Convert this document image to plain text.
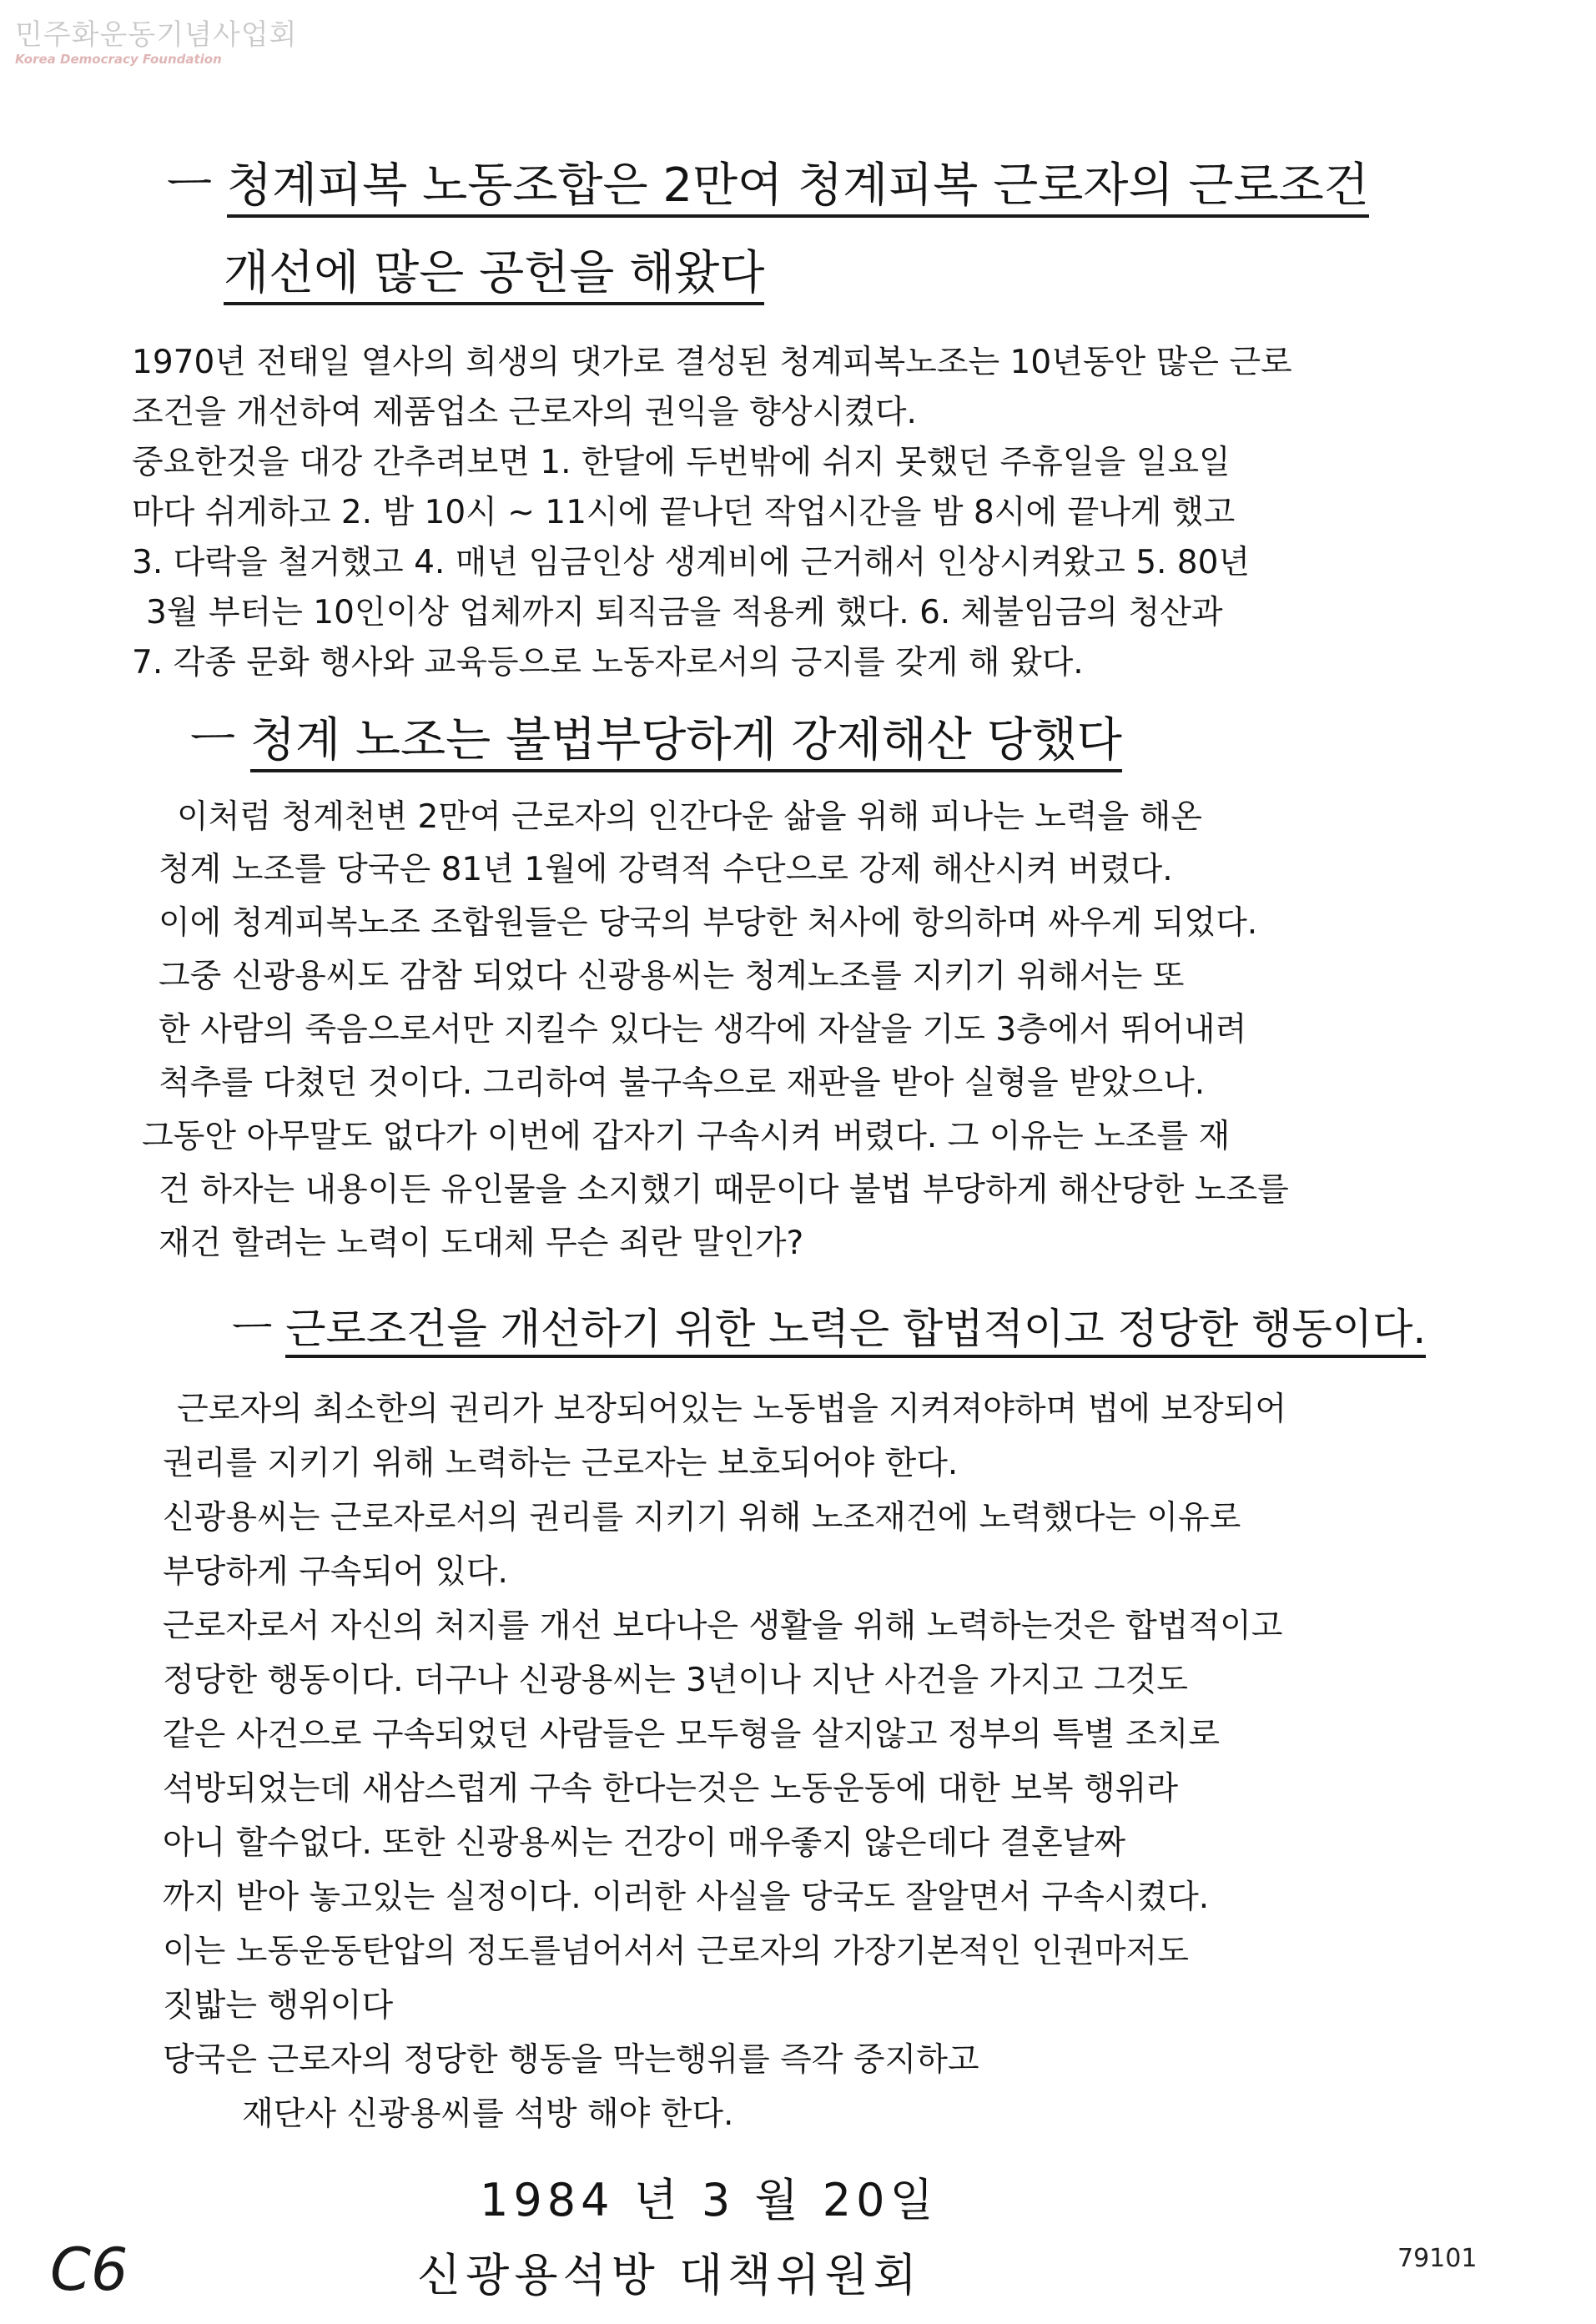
민주화운동기념사업회
Korea Democracy Foundation
ㅡ 청계피복 노동조합은 2만여 청계피복 근로자의 근로조건
개선에 많은 공헌을 해왔다
1970년 전태일 열사의 희생의 댓가로 결성된 청계피복노조는 10년동안 많은 근로
조건을 개선하여 제품업소 근로자의 권익을 향상시켰다.
중요한것을 대강 간추려보면 1. 한달에 두번밖에 쉬지 못했던 주휴일을 일요일
마다 쉬게하고 2. 밤 10시 ~ 11시에 끝나던 작업시간을 밤 8시에 끝나게 했고
3. 다락을 철거했고 4. 매년 임금인상 생계비에 근거해서 인상시켜왔고 5. 80년
3월 부터는 10인이상 업체까지 퇴직금을 적용케 했다. 6. 체불임금의 청산과
7. 각종 문화 행사와 교육등으로 노동자로서의 긍지를 갖게 해 왔다.
ㅡ 청계 노조는 불법부당하게 강제해산 당했다
이처럼 청계천변 2만여 근로자의 인간다운 삶을 위해 피나는 노력을 해온
청계 노조를 당국은 81년 1월에 강력적 수단으로 강제 해산시켜 버렸다.
이에 청계피복노조 조합원들은 당국의 부당한 처사에 항의하며 싸우게 되었다.
그중 신광용씨도 감참 되었다 신광용씨는 청계노조를 지키기 위해서는 또
한 사람의 죽음으로서만 지킬수 있다는 생각에 자살을 기도 3층에서 뛰어내려
척추를 다쳤던 것이다. 그리하여 불구속으로 재판을 받아 실형을 받았으나.
그동안 아무말도 없다가 이번에 갑자기 구속시켜 버렸다. 그 이유는 노조를 재
건 하자는 내용이든 유인물을 소지했기 때문이다 불법 부당하게 해산당한 노조를
재건 할려는 노력이 도대체 무슨 죄란 말인가?
ㅡ 근로조건을 개선하기 위한 노력은 합법적이고 정당한 행동이다.
근로자의 최소한의 권리가 보장되어있는 노동법을 지켜져야하며 법에 보장되어
권리를 지키기 위해 노력하는 근로자는 보호되어야 한다.
신광용씨는 근로자로서의 권리를 지키기 위해 노조재건에 노력했다는 이유로
부당하게 구속되어 있다.
근로자로서 자신의 처지를 개선 보다나은 생활을 위해 노력하는것은 합법적이고
정당한 행동이다. 더구나 신광용씨는 3년이나 지난 사건을 가지고 그것도
같은 사건으로 구속되었던 사람들은 모두형을 살지않고 정부의 특별 조치로
석방되었는데 새삼스럽게 구속 한다는것은 노동운동에 대한 보복 행위라
아니 할수없다. 또한 신광용씨는 건강이 매우좋지 않은데다 결혼날짜
까지 받아 놓고있는 실정이다. 이러한 사실을 당국도 잘알면서 구속시켰다.
이는 노동운동탄압의 정도를넘어서서 근로자의 가장기본적인 인권마저도
짓밟는 행위이다
당국은 근로자의 정당한 행동을 막는행위를 즉각 중지하고
재단사 신광용씨를 석방 해야 한다.
1984 년 3 월 20일
신광용석방 대책위원회	79101
C6
